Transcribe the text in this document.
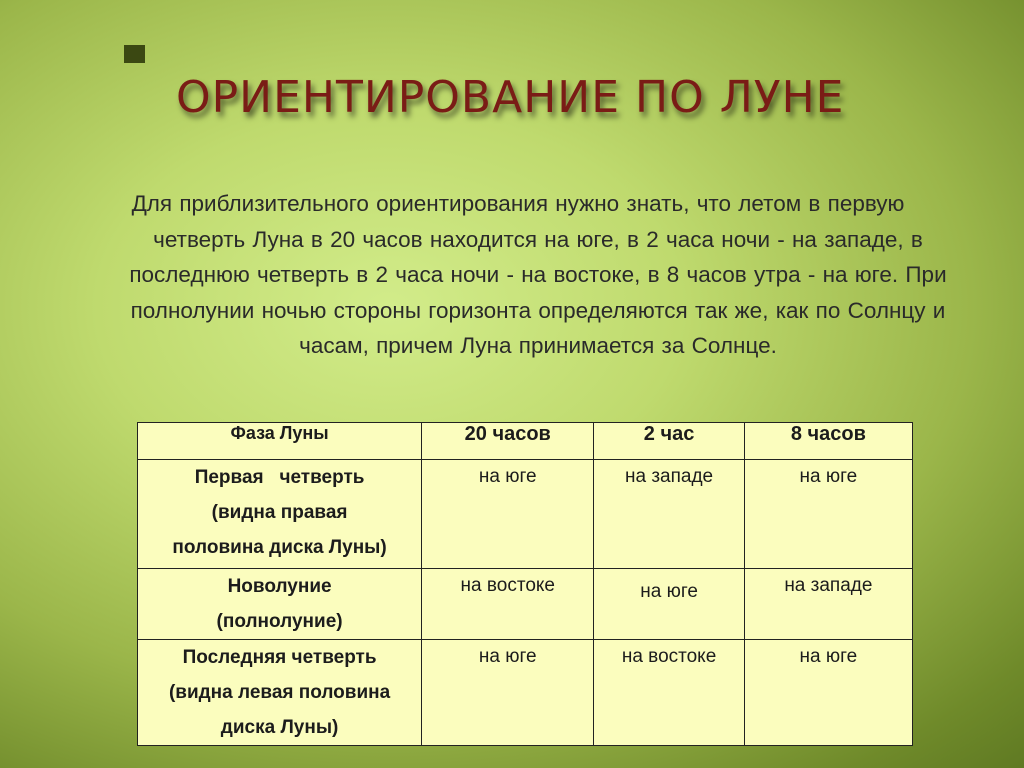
ОРИЕНТИРОВАНИЕ ПО ЛУНЕ
Для приблизительного ориентирования нужно знать, что летом в первую четверть Луна в 20 часов находится на юге, в 2 часа ночи - на западе, в последнюю четверть в 2 часа ночи - на востоке, в 8 часов утра - на юге. При полнолунии ночью стороны горизонта определяются так же, как по Солнцу и часам, причем Луна принимается за Солнце.
Фаза Луны	20 часов	2 час	8 часов

Первая   четверть
(видна правая
половина диска Луны)	на юге	на западе	на юге

Новолуние
(полнолуние)	на востоке	на юге	на западе

Последняя четверть
(видна левая половина
диска Луны)	на юге	на востоке	на юге
